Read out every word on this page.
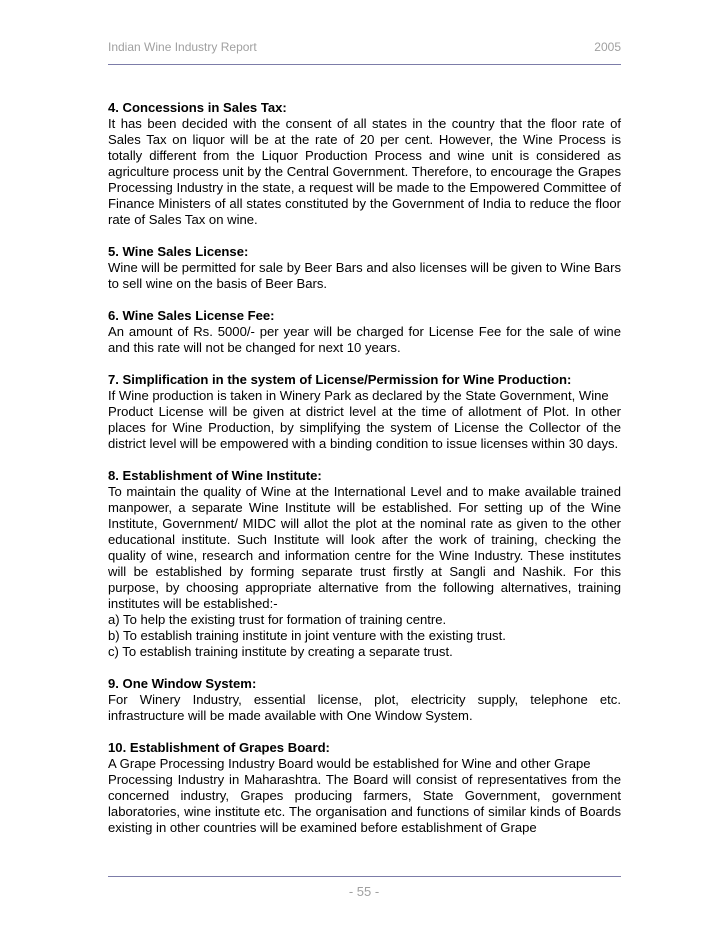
Indian Wine Industry Report	2005
4. Concessions in Sales Tax:

It has been decided with the consent of all states in the country that the floor rate of Sales Tax on liquor will be at the rate of 20 per cent. However, the Wine Process is totally different from the Liquor Production Process and wine unit is considered as agriculture process unit by the Central Government. Therefore, to encourage the Grapes Processing Industry in the state, a request will be made to the Empowered Committee of Finance Ministers of all states constituted by the Government of India to reduce the floor rate of Sales Tax on wine.

5. Wine Sales License:

Wine will be permitted for sale by Beer Bars and also licenses will be given to Wine Bars to sell wine on the basis of Beer Bars.

6. Wine Sales License Fee:

An amount of Rs. 5000/- per year will be charged for License Fee for the sale of wine and this rate will not be changed for next 10 years.

7. Simplification in the system of License/Permission for Wine Production:

If Wine production is taken in Winery Park as declared by the State Government, Wine

Product License will be given at district level at the time of allotment of Plot. In other places for Wine Production, by simplifying the system of License the Collector of the district level will be empowered with a binding condition to issue licenses within 30 days.

8. Establishment of Wine Institute:

To maintain the quality of Wine at the International Level and to make available trained manpower, a separate Wine Institute will be established. For setting up of the Wine Institute, Government/ MIDC will allot the plot at the nominal rate as given to the other educational institute. Such Institute will look after the work of training, checking the quality of wine, research and information centre for the Wine Industry. These institutes will be established by forming separate trust firstly at Sangli and Nashik. For this purpose, by choosing appropriate alternative from the following alternatives, training institutes will be established:-

a) To help the existing trust for formation of training centre.
b) To establish training institute in joint venture with the existing trust.
c) To establish training institute by creating a separate trust.
9. One Window System:

For Winery Industry, essential license, plot, electricity supply, telephone etc. infrastructure will be made available with One Window System.

10. Establishment of Grapes Board:

A Grape Processing Industry Board would be established for Wine and other Grape

Processing Industry in Maharashtra. The Board will consist of representatives from the concerned industry, Grapes producing farmers, State Government, government laboratories, wine institute etc. The organisation and functions of similar kinds of Boards existing in other countries will be examined before establishment of Grape

- 55 -
